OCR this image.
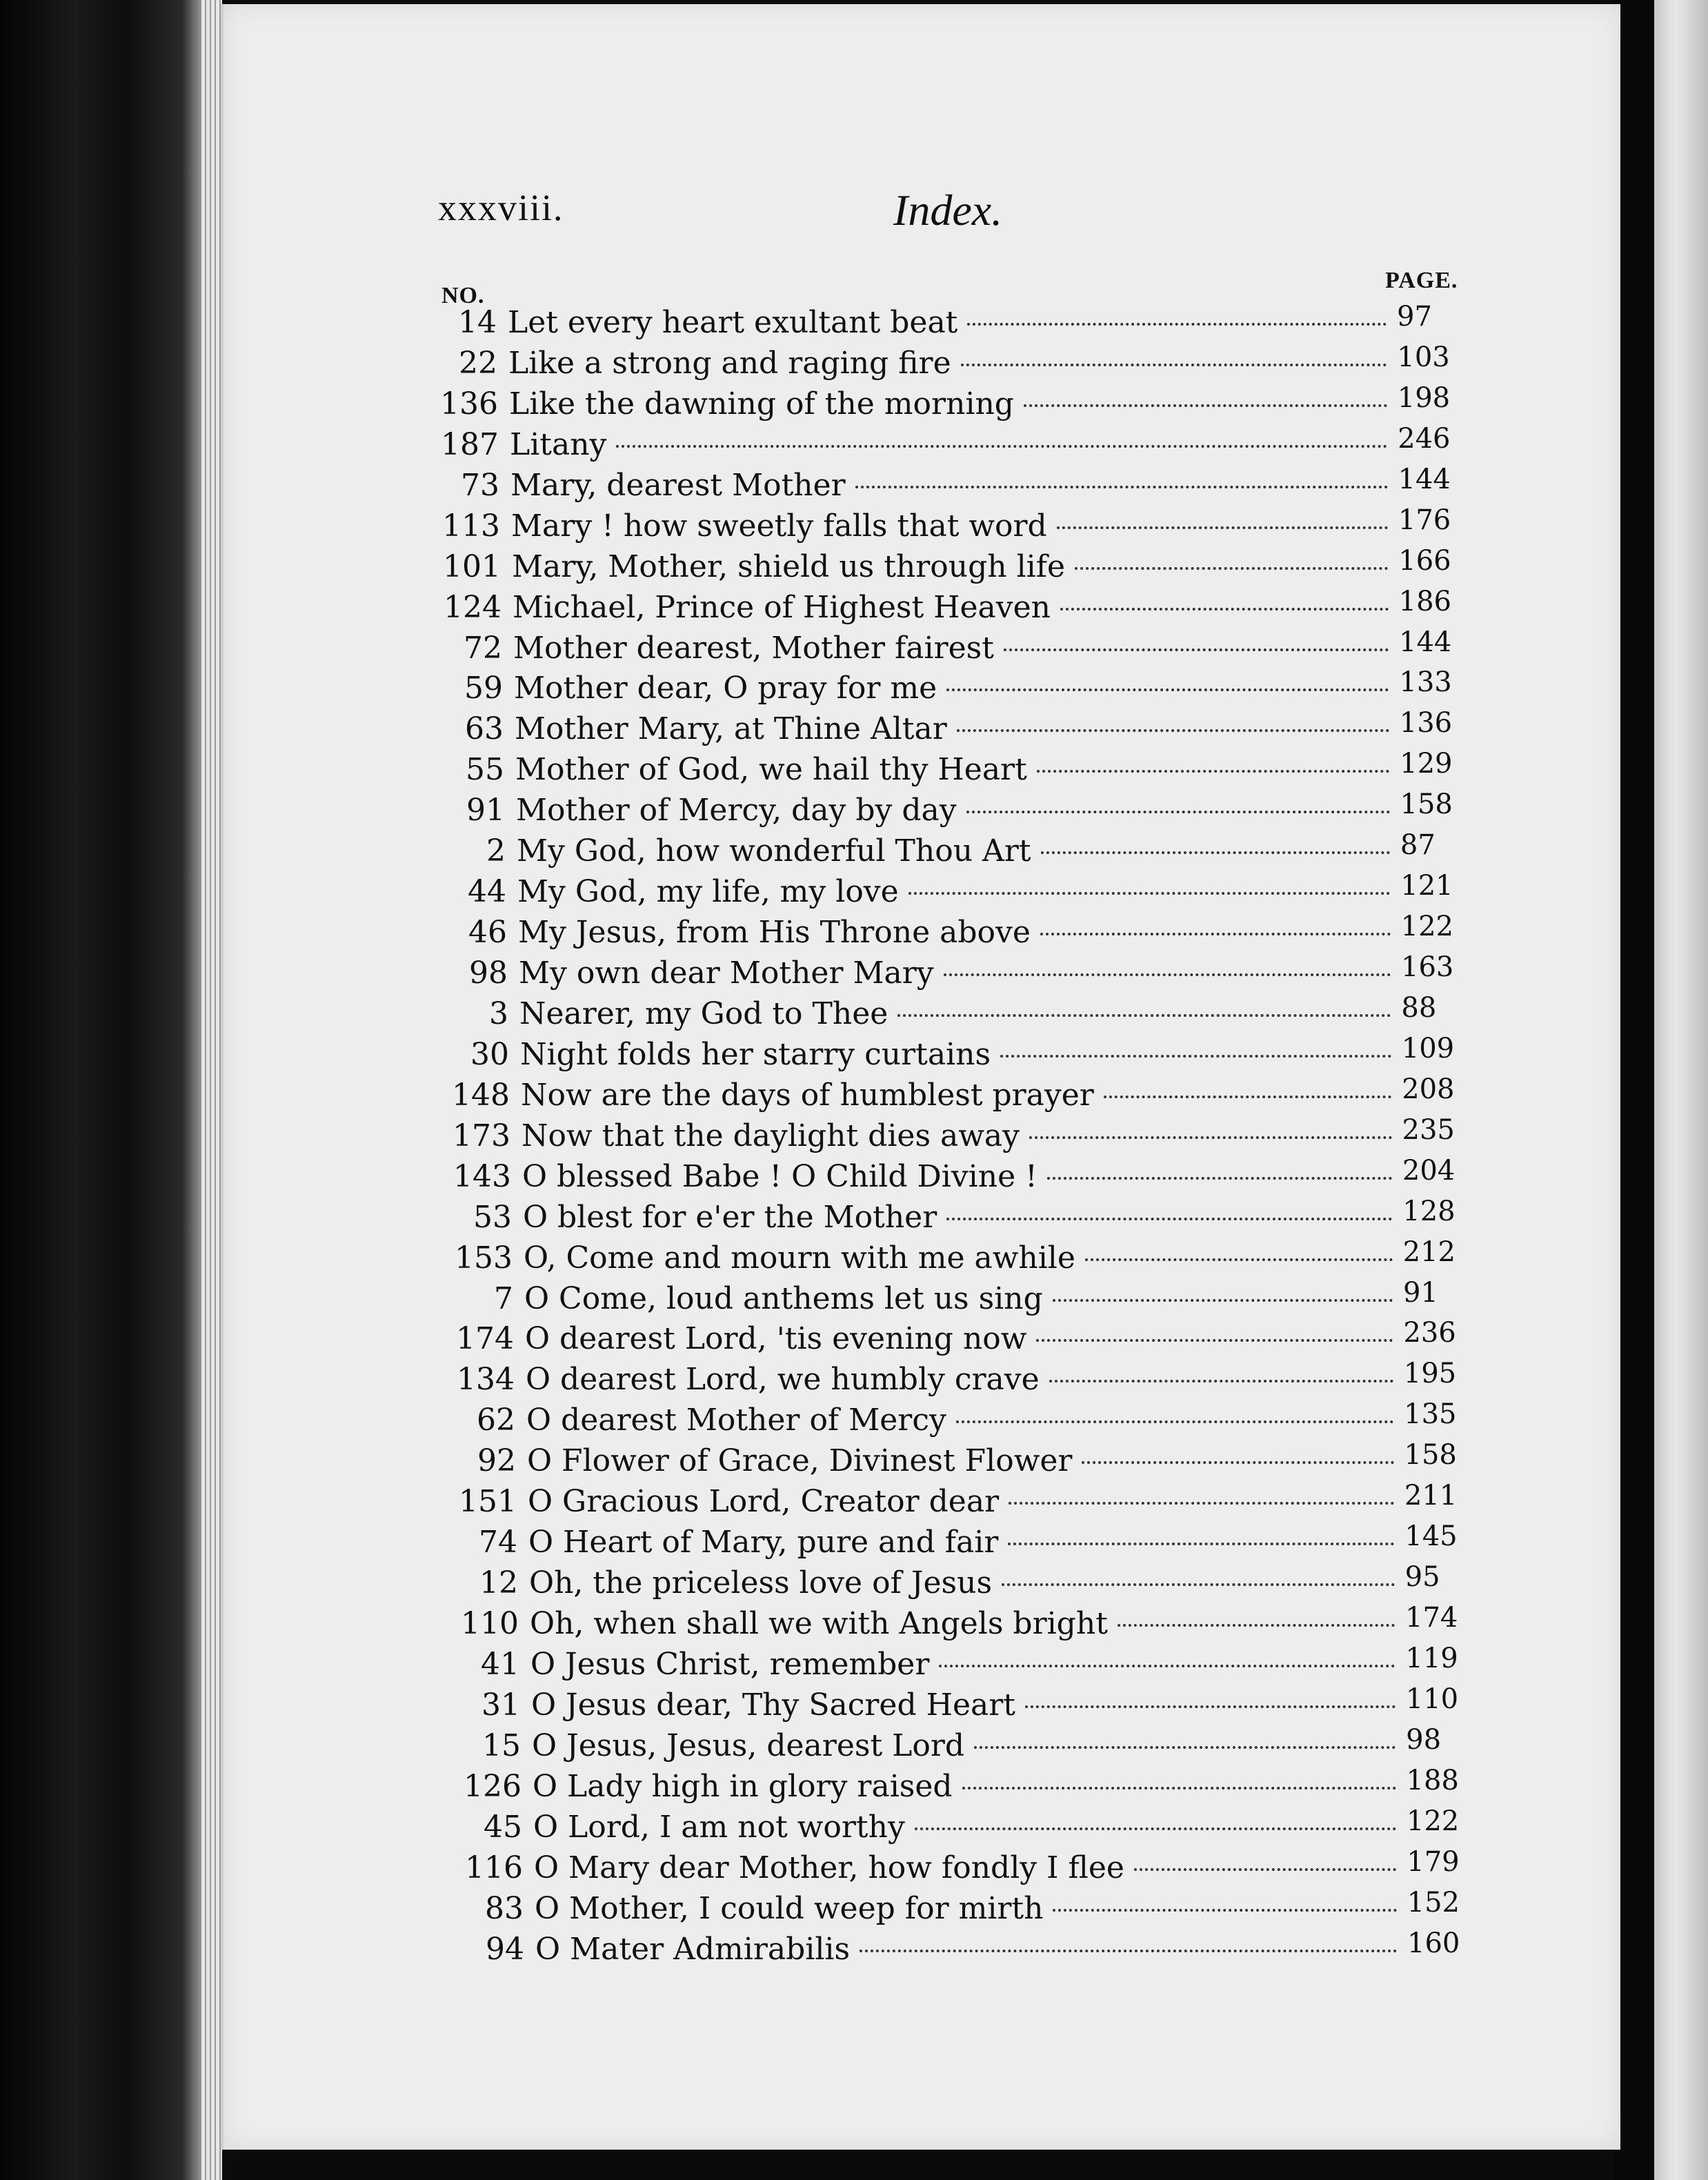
xxxviii.	Index.
NO.
PAGE.
14 Let every heart exultant beat	97
22 Like a strong and raging fire	103
136 Like the dawning of the morning	198
187 Litany	246
73 Mary, dearest Mother	144
113 Mary ! how sweetly falls that word	176
101 Mary, Mother, shield us through life	166
124 Michael, Prince of Highest Heaven	186
72 Mother dearest, Mother fairest	144
59 Mother dear, O pray for me	133
63 Mother Mary, at Thine Altar	136
55 Mother of God, we hail thy Heart	129
91 Mother of Mercy, day by day	158
2 My God, how wonderful Thou Art	87
44 My God, my life, my love	121
46 My Jesus, from His Throne above	122
98 My own dear Mother Mary	163
3 Nearer, my God to Thee	88
30 Night folds her starry curtains	109
148 Now are the days of humblest prayer	208
173 Now that the daylight dies away	235
143 O blessed Babe ! O Child Divine !	204
53 O blest for e'er the Mother	128
153 O, Come and mourn with me awhile	212
7 O Come, loud anthems let us sing	91
174 O dearest Lord, 'tis evening now	236
134 O dearest Lord, we humbly crave	195
62 O dearest Mother of Mercy	135
92 O Flower of Grace, Divinest Flower	158
151 O Gracious Lord, Creator dear	211
74 O Heart of Mary, pure and fair	145
12 Oh, the priceless love of Jesus	95
110 Oh, when shall we with Angels bright	174
41 O Jesus Christ, remember	119
31 O Jesus dear, Thy Sacred Heart	110
15 O Jesus, Jesus, dearest Lord	98
126 O Lady high in glory raised	188
45 O Lord, I am not worthy	122
116 O Mary dear Mother, how fondly I flee	179
83 O Mother, I could weep for mirth	152
94 O Mater Admirabilis	160
